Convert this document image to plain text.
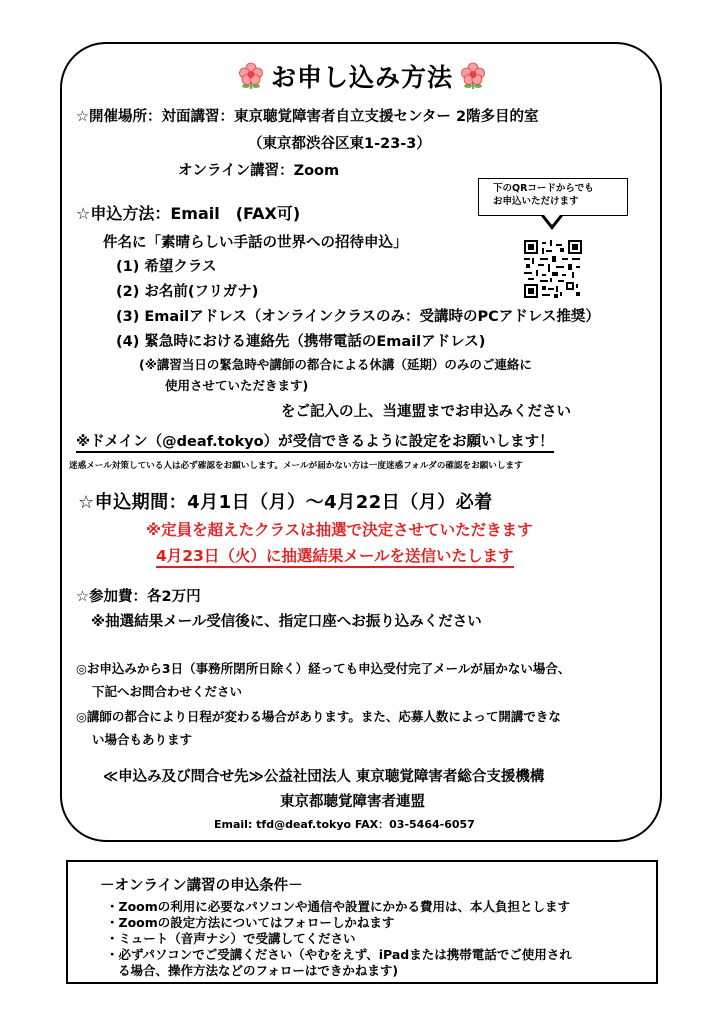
お申し込み方法
☆開催場所：対面講習：東京聴覚障害者自立支援センター 2階多目的室
（東京都渋谷区東1-23-3）
オンライン講習：Zoom
下のQRコードからでも
お申込いただけます
☆申込方法：Email　(FAX可)
件名に「素晴らしい手話の世界への招待申込」
(1) 希望クラス
(2) お名前(フリガナ)
(3) Emailアドレス（オンラインクラスのみ：受講時のPCアドレス推奨）
(4) 緊急時における連絡先（携帯電話のEmailアドレス)
(※講習当日の緊急時や講師の都合による休講（延期）のみのご連絡に
使用させていただきます)
をご記入の上、当連盟までお申込みください
※ドメイン（@deaf.tokyo）が受信できるように設定をお願いします！
迷惑メール対策している人は必ず確認をお願いします。メールが届かない方は一度迷惑フォルダの確認をお願いします
☆申込期間：4月1日（月）～4月22日（月）必着
※定員を超えたクラスは抽選で決定させていただきます
4月23日（火）に抽選結果メールを送信いたします
☆参加費：各2万円
※抽選結果メール受信後に、指定口座へお振り込みください
◎お申込みから3日（事務所閉所日除く）経っても申込受付完了メールが届かない場合、
下記へお問合わせください
◎講師の都合により日程が変わる場合があります。また、応募人数によって開講できな
い場合もあります
≪申込み及び問合せ先≫公益社団法人 東京聴覚障害者総合支援機構
東京都聴覚障害者連盟
Email: tfd@deaf.tokyo FAX：03-5464-6057
－オンライン講習の申込条件－
・Zoomの利用に必要なパソコンや通信や設置にかかる費用は、本人負担とします
・Zoomの設定方法についてはフォローしかねます
・ミュート（音声ナシ）で受講してください
・必ずパソコンでご受講ください（やむをえず、iPadまたは携帯電話でご使用され
る場合、操作方法などのフォローはできかねます)
